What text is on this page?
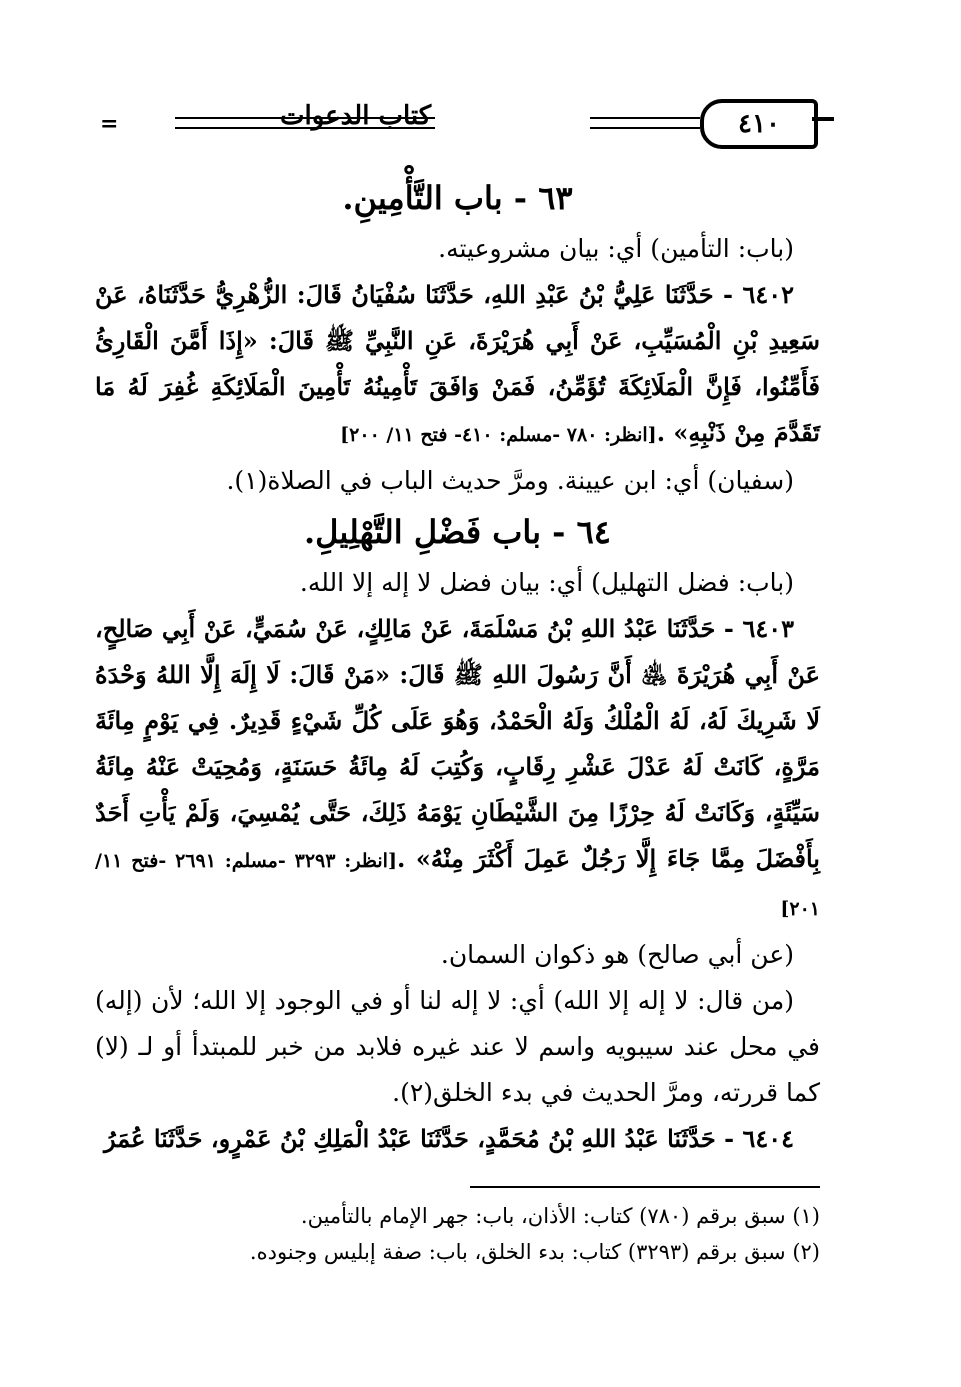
=	كتاب الدعوات	٤١٠
٦٣ - باب التَّأْمِينِ.

(باب: التأمين) أي: بيان مشروعيته.

٦٤٠٢ - حَدَّثَنَا عَلِيُّ بْنُ عَبْدِ اللهِ، حَدَّثَنَا سُفْيَانُ قَالَ: الزُّهْرِيُّ حَدَّثَنَاهُ، عَنْ سَعِيدِ بْنِ الْمُسَيِّبِ، عَنْ أَبِي هُرَيْرَةَ، عَنِ النَّبِيِّ ﷺ قَالَ: «إِذَا أَمَّنَ الْقَارِئُ فَأَمِّنُوا، فَإِنَّ الْمَلَائِكَةَ تُؤَمِّنُ، فَمَنْ وَافَقَ تَأْمِينُهُ تَأْمِينَ الْمَلَائِكَةِ غُفِرَ لَهُ مَا تَقَدَّمَ مِنْ ذَنْبِهِ» .[انظر: ٧٨٠ -مسلم: ٤١٠- فتح ١١/ ٢٠٠]

(سفيان) أي: ابن عيينة. ومرَّ حديث الباب في الصلاة(١).

٦٤ - باب فَضْلِ التَّهْلِيلِ.

(باب: فضل التهليل) أي: بيان فضل لا إله إلا الله.

٦٤٠٣ - حَدَّثَنَا عَبْدُ اللهِ بْنُ مَسْلَمَةَ، عَنْ مَالِكٍ، عَنْ سُمَيٍّ، عَنْ أَبِي صَالِحٍ، عَنْ أَبِي هُرَيْرَةَ ﵁ أَنَّ رَسُولَ اللهِ ﷺ قَالَ: «مَنْ قَالَ: لَا إِلَهَ إِلَّا اللهُ وَحْدَهُ لَا شَرِيكَ لَهُ، لَهُ الْمُلْكُ وَلَهُ الْحَمْدُ، وَهُوَ عَلَى كُلِّ شَيْءٍ قَدِيرٌ. فِي يَوْمٍ مِائَةَ مَرَّةٍ، كَانَتْ لَهُ عَدْلَ عَشْرِ رِقَابٍ، وَكُتِبَ لَهُ مِائَةُ حَسَنَةٍ، وَمُحِيَتْ عَنْهُ مِائَةُ سَيِّئَةٍ، وَكَانَتْ لَهُ حِرْزًا مِنَ الشَّيْطَانِ يَوْمَهُ ذَلِكَ، حَتَّى يُمْسِيَ، وَلَمْ يَأْتِ أَحَدٌ بِأَفْضَلَ مِمَّا جَاءَ إِلَّا رَجُلٌ عَمِلَ أَكْثَرَ مِنْهُ» .[انظر: ٣٢٩٣ -مسلم: ٢٦٩١ -فتح ١١/ ٢٠١]

(عن أبي صالح) هو ذكوان السمان.

(من قال: لا إله إلا الله) أي: لا إله لنا أو في الوجود إلا الله؛ لأن (إله) في محل عند سيبويه واسم لا عند غيره فلابد من خبر للمبتدأ أو لـ (لا) كما قررته، ومرَّ الحديث في بدء الخلق(٢).

٦٤٠٤ - حَدَّثَنَا عَبْدُ اللهِ بْنُ مُحَمَّدٍ، حَدَّثَنَا عَبْدُ الْمَلِكِ بْنُ عَمْرٍو، حَدَّثَنَا عُمَرُ

(١) سبق برقم (٧٨٠) كتاب: الأذان، باب: جهر الإمام بالتأمين.

(٢) سبق برقم (٣٢٩٣) كتاب: بدء الخلق، باب: صفة إبليس وجنوده.
